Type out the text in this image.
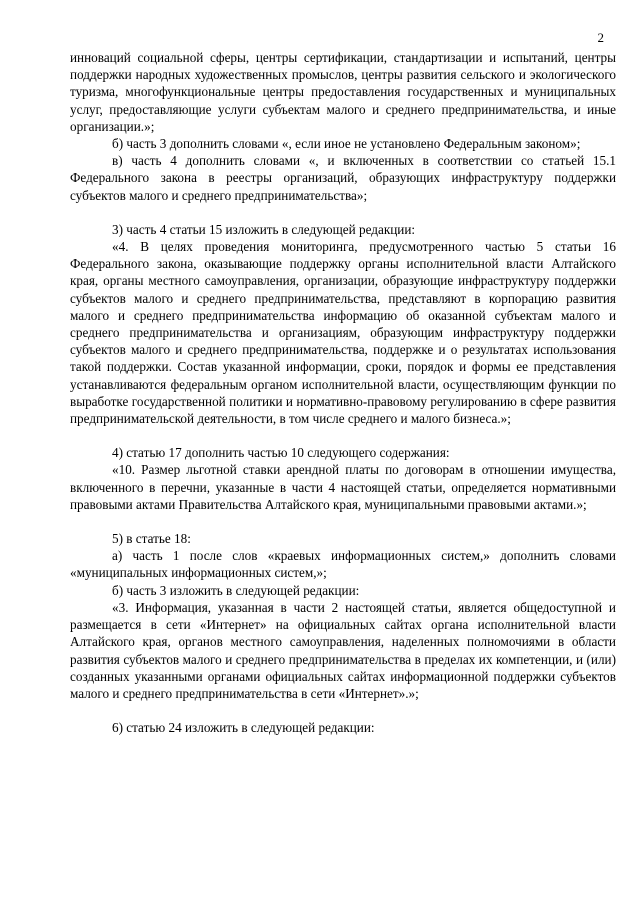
2

инноваций социальной сферы, центры сертификации, стандартизации и испытаний, центры поддержки народных художественных промыслов, центры развития сельского и экологического туризма, многофункциональные центры предоставления государственных и муниципальных услуг, предоставляющие услуги субъектам малого и среднего предпринимательства, и иные организации.»;

б) часть 3 дополнить словами «, если иное не установлено Федеральным законом»;

в) часть 4 дополнить словами «, и включенных в соответствии со статьей 15.1 Федерального закона в реестры организаций, образующих инфраструктуру поддержки субъектов малого и среднего предпринимательства»;

3) часть 4 статьи 15 изложить в следующей редакции:

«4. В целях проведения мониторинга, предусмотренного частью 5 статьи 16 Федерального закона, оказывающие поддержку органы исполнительной власти Алтайского края, органы местного самоуправления, организации, образующие инфраструктуру поддержки субъектов малого и среднего предпринимательства, представляют в корпорацию развития малого и среднего предпринимательства информацию об оказанной субъектам малого и среднего предпринимательства и организациям, образующим инфраструктуру поддержки субъектов малого и среднего предпринимательства, поддержке и о результатах использования такой поддержки. Состав указанной информации, сроки, порядок и формы ее представления устанавливаются федеральным органом исполнительной власти, осуществляющим функции по выработке государственной политики и нормативно-правовому регулированию в сфере развития предпринимательской деятельности, в том числе среднего и малого бизнеса.»;

4) статью 17 дополнить частью 10 следующего содержания:

«10. Размер льготной ставки арендной платы по договорам в отношении имущества, включенного в перечни, указанные в части 4 настоящей статьи, определяется нормативными правовыми актами Правительства Алтайского края, муниципальными правовыми актами.»;

5) в статье 18:

а) часть 1 после слов «краевых информационных систем,» дополнить словами «муниципальных информационных систем,»;

б) часть 3 изложить в следующей редакции:

«3. Информация, указанная в части 2 настоящей статьи, является общедоступной и размещается в сети «Интернет» на официальных сайтах органа исполнительной власти Алтайского края, органов местного самоуправления, наделенных полномочиями в области развития субъектов малого и среднего предпринимательства в пределах их компетенции, и (или) созданных указанными органами официальных сайтах информационной поддержки субъектов малого и среднего предпринимательства в сети «Интернет».»;

6) статью 24 изложить в следующей редакции:
